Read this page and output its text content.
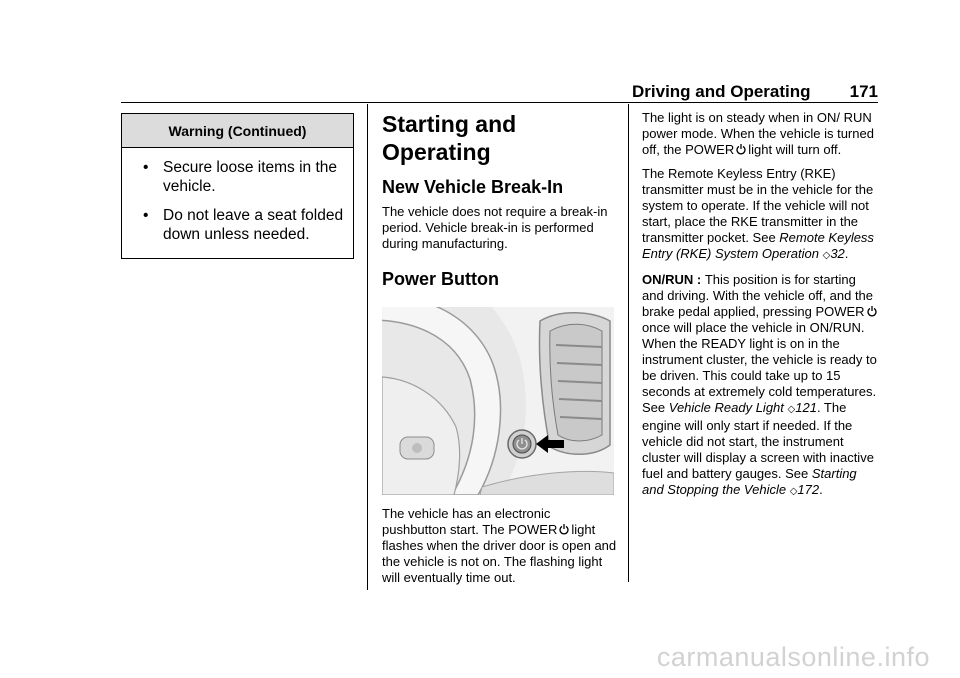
Driving and Operating 171
Warning (Continued)
• Secure loose items in the vehicle.
• Do not leave a seat folded down unless needed.
Starting and Operating
New Vehicle Break-In

The vehicle does not require a break-in period. Vehicle break-in is performed during manufacturing.

Power Button

The vehicle has an electronic pushbutton start. The POWER light flashes when the driver door is open and the vehicle is not on. The flashing light will eventually time out.

The light is on steady when in ON/ RUN power mode. When the vehicle is turned off, the POWER light will turn off.

The Remote Keyless Entry (RKE) transmitter must be in the vehicle for the system to operate. If the vehicle will not start, place the RKE transmitter in the transmitter pocket. See Remote Keyless Entry (RKE) System Operation ◇32.

ON/RUN : This position is for starting and driving. With the vehicle off, and the brake pedal applied, pressing POWERonce will place the vehicle in ON/RUN. When the READY light is on in the instrument cluster, the vehicle is ready to be driven. This could take up to 15 seconds at extremely cold temperatures. See Vehicle Ready Light ◇121. The engine will only start if needed. If the vehicle did not start, the instrument cluster will display a screen with inactive fuel and battery gauges. See Starting and Stopping the Vehicle ◇172.

carmanualsonline.info
